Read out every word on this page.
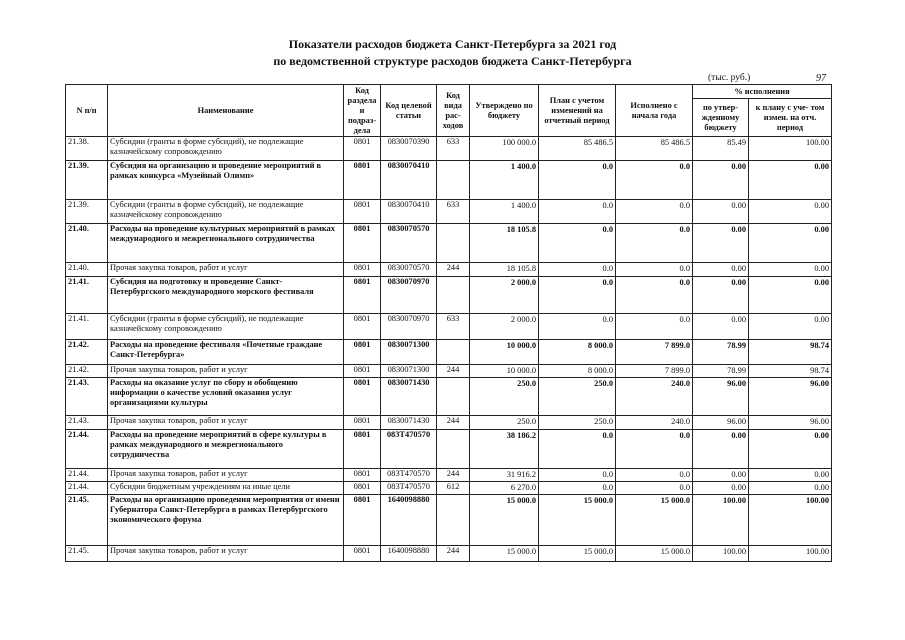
Показатели расходов бюджета Санкт-Петербурга за 2021 год
по ведомственной структуре расходов бюджета Санкт-Петербурга
(тыс. руб.)	97
N п/п	Наименование	Код раздела и подраз- дела	Код целевой статьи	Код вида рас- ходов	Утверждено по бюджету	План с учетом изменений на отчетный период	Исполнено с начала года	% исполнения	
								по утвер- жденному бюджету	к плану с уче- том измен. на отч. период
21.38.	Субсидии (гранты в форме субсидий), не подлежащие казначейскому сопровождению	0801	0830070390	633	100 000.0	85 486.5	85 486.5	85.49	100.00
21.39.	Субсидия на организацию и проведение мероприятий в рамках конкурса «Музейный Олимп»	0801	0830070410		1 400.0	0.0	0.0	0.00	0.00
21.39.	Субсидии (гранты в форме субсидий), не подлежащие казначейскому сопровождению	0801	0830070410	633	1 400.0	0.0	0.0	0.00	0.00
21.40.	Расходы на проведение культурных мероприятий в рамках международного и межрегионального сотрудничества	0801	0830070570		18 105.8	0.0	0.0	0.00	0.00
21.40.	Прочая закупка товаров, работ и услуг	0801	0830070570	244	18 105.8	0.0	0.0	0.00	0.00
21.41.	Субсидия на подготовку и проведение Санкт-Петербургского международного морского фестиваля	0801	0830070970		2 000.0	0.0	0.0	0.00	0.00
21.41.	Субсидии (гранты в форме субсидий), не подлежащие казначейскому сопровождению	0801	0830070970	633	2 000.0	0.0	0.0	0.00	0.00
21.42.	Расходы на проведение фестиваля «Почетные граждане Санкт-Петербурга»	0801	0830071300		10 000.0	8 000.0	7 899.0	78.99	98.74
21.42.	Прочая закупка товаров, работ и услуг	0801	0830071300	244	10 000.0	8 000.0	7 899.0	78.99	98.74
21.43.	Расходы на оказание услуг по сбору и обобщению информации о качестве условий оказания услуг организациями культуры	0801	0830071430		250.0	250.0	240.0	96.00	96.00
21.43.	Прочая закупка товаров, работ и услуг	0801	0830071430	244	250.0	250.0	240.0	96.00	96.00
21.44.	Расходы на проведение мероприятий в сфере культуры в рамках международного и межрегионального сотрудничества	0801	083T470570		38 186.2	0.0	0.0	0.00	0.00
21.44.	Прочая закупка товаров, работ и услуг	0801	083T470570	244	31 916.2	0.0	0.0	0.00	0.00
21.44.	Субсидии бюджетным учреждениям на иные цели	0801	083T470570	612	6 270.0	0.0	0.0	0.00	0.00
21.45.	Расходы на организацию проведения мероприятия от имени Губернатора Санкт-Петербурга в рамках Петербургского экономического форума	0801	1640098880		15 000.0	15 000.0	15 000.0	100.00	100.00
21.45.	Прочая закупка товаров, работ и услуг	0801	1640098880	244	15 000.0	15 000.0	15 000.0	100.00	100.00
